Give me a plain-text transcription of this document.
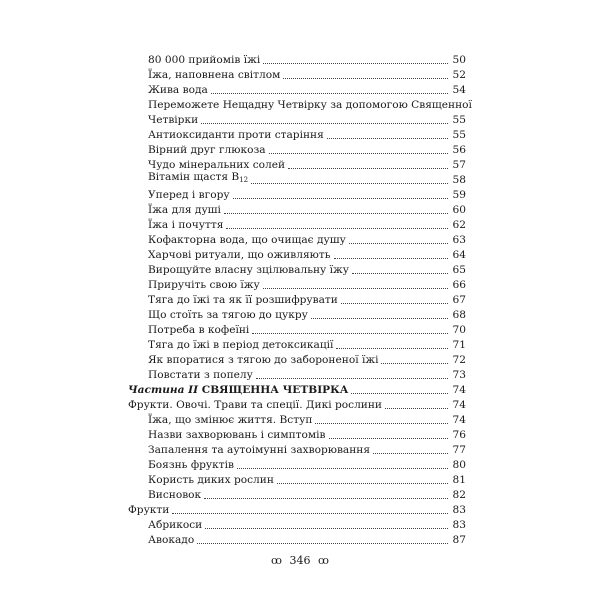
80 000 прийомів їжі	50
Їжа, наповнена світлом	52
Жива вода	54
Переможете Нещадну Четвірку за допомогою Священної
Четвірки	55
Антиоксиданти проти старіння	55
Вірний друг глюкоза	56
Чудо мінеральних солей	57
Вітамін щастя $B_{12}$	58
Уперед і вгору	59
Їжа для душі	60
Їжа і почуття	62
Кофакторна вода, що очищає душу	63
Харчові ритуали, що оживляють	64
Вирощуйте власну зцілювальну їжу	65
Приручіть свою їжу	66
Тяга до їжі та як її розшифрувати	67
Що стоїть за тягою до цукру	68
Потреба в кофеїні	70
Тяга до їжі в період детоксикації	71
Як впоратися з тягою до забороненої їжі	72
Повстати з попелу	73
Частина II СВЯЩЕННА ЧЕТВІРКА	74
Фрукти. Овочі. Трави та спеції. Дикі рослини	74
Їжа, що змінює життя. Вступ	74
Назви захворювань і симптомів	76
Запалення та аутоімунні захворювання	77
Боязнь фруктів	80
Користь диких рослин	81
Висновок	82
Фрукти	83
Абрикоси	83
Авокадо	87
ꝏ 346 ꝏ
